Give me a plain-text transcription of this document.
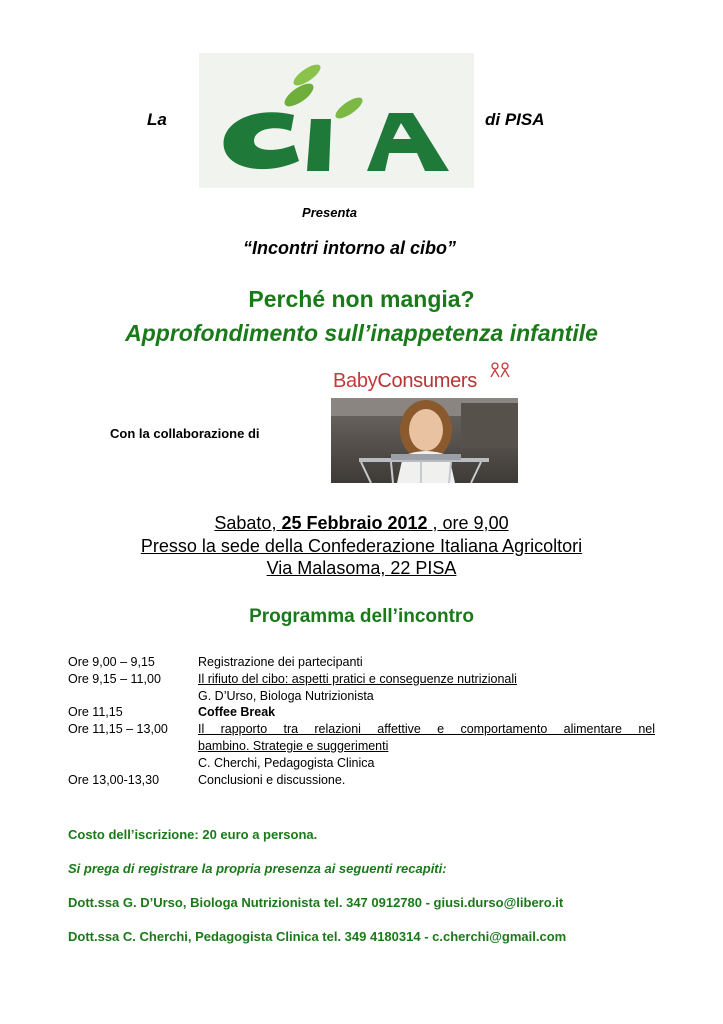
La	di PISA
Presenta
“Incontri intorno al cibo”
Perché non mangia?
Approfondimento sull’inappetenza infantile
Con la collaborazione di
BabyConsumers
Sabato, 25 Febbraio 2012 , ore 9,00
Presso la sede della Confederazione Italiana Agricoltori
Via Malasoma, 22 PISA
Programma dell’incontro
Ore 9,00 – 9,15	Registrazione dei partecipanti
Ore 9,15 – 11,00	Il rifiuto del cibo: aspetti pratici e conseguenze nutrizionali
G. D’Urso, Biologa Nutrizionista
Ore 11,15	Coffee Break
Ore 11,15 – 13,00	Il rapporto tra relazioni affettive e comportamento alimentare nel
bambino. Strategie e suggerimenti
C. Cherchi, Pedagogista Clinica
Ore 13,00-13,30	Conclusioni e discussione.
Costo dell’iscrizione: 20 euro a persona.
Si prega di registrare la propria presenza ai seguenti recapiti:
Dott.ssa G. D’Urso, Biologa Nutrizionista tel. 347 0912780 - giusi.durso@libero.it
Dott.ssa C. Cherchi, Pedagogista Clinica tel. 349 4180314 - c.cherchi@gmail.com
